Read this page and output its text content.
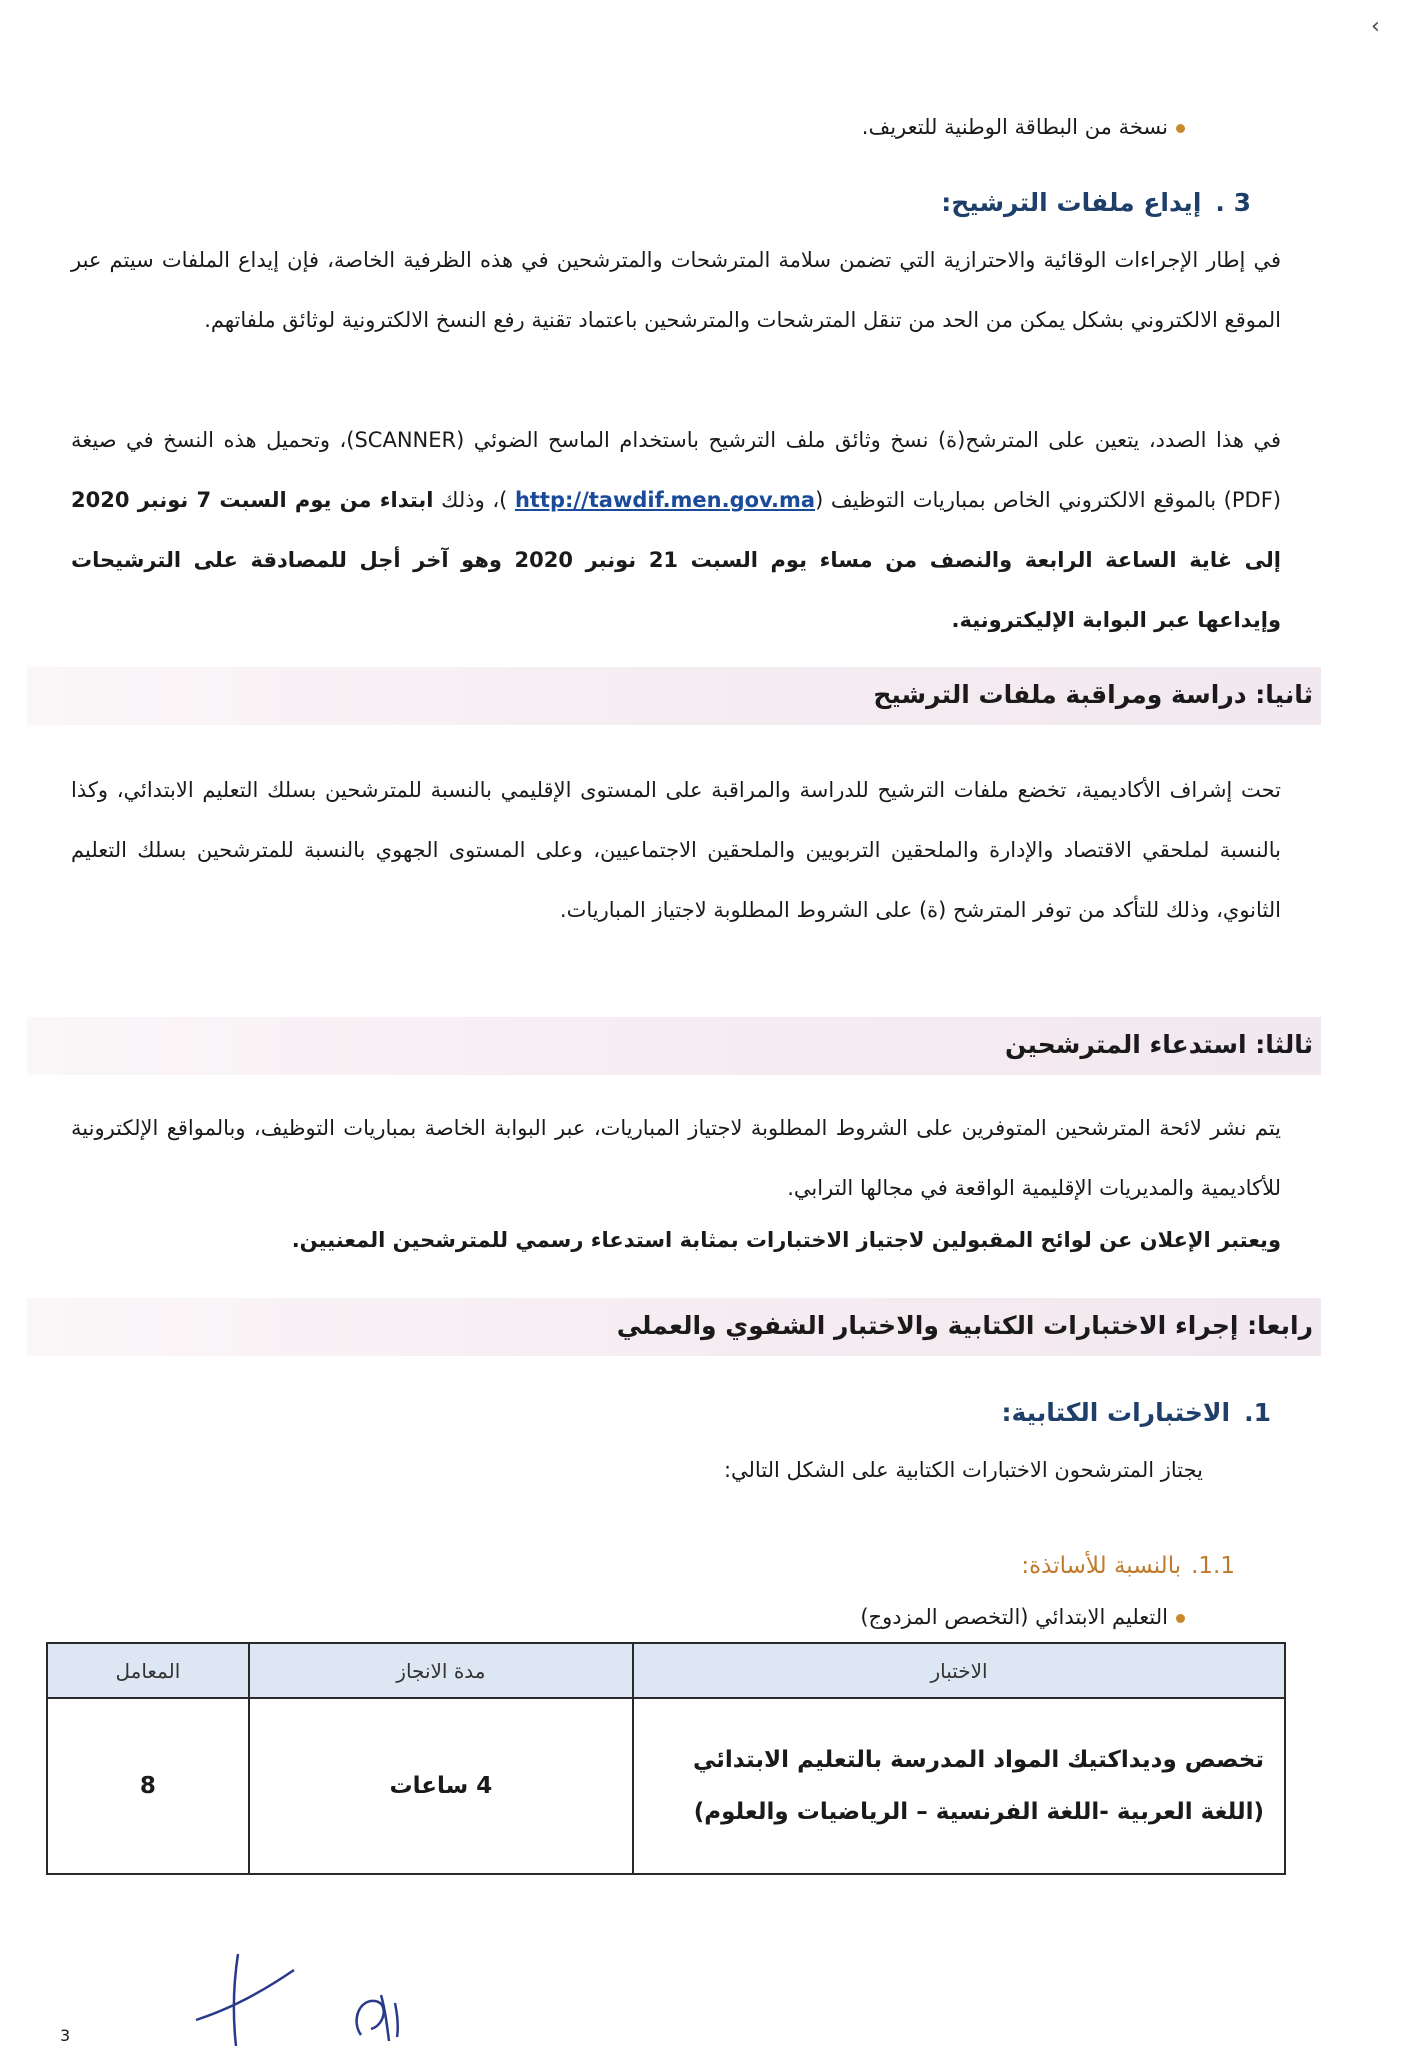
نسخة من البطاقة الوطنية للتعريف.
3 .إيداع ملفات الترشيح:
في إطار الإجراءات الوقائية والاحترازية التي تضمن سلامة المترشحات والمترشحين في هذه الظرفية الخاصة، فإن إيداع الملفات سيتم عبر الموقع الالكتروني بشكل يمكن من الحد من تنقل المترشحات والمترشحين باعتماد تقنية رفع النسخ الالكترونية لوثائق ملفاتهم.
في هذا الصدد، يتعين على المترشح(ة) نسخ وثائق ملف الترشيح باستخدام الماسح الضوئي (SCANNER)، وتحميل هذه النسخ في صيغة (PDF) بالموقع الالكتروني الخاص بمباريات التوظيف (http://tawdif.men.gov.ma )، وذلك ابتداء من يوم السبت 7 نونبر 2020 إلى غاية الساعة الرابعة والنصف من مساء يوم السبت 21 نونبر 2020 وهو آخر أجل للمصادقة على الترشيحات وإيداعها عبر البوابة الإليكترونية.
ثانيا: دراسة ومراقبة ملفات الترشيح
تحت إشراف الأكاديمية، تخضع ملفات الترشيح للدراسة والمراقبة على المستوى الإقليمي بالنسبة للمترشحين بسلك التعليم الابتدائي، وكذا بالنسبة لملحقي الاقتصاد والإدارة والملحقين التربويين والملحقين الاجتماعيين، وعلى المستوى الجهوي بالنسبة للمترشحين بسلك التعليم الثانوي، وذلك للتأكد من توفر المترشح (ة) على الشروط المطلوبة لاجتياز المباريات.
ثالثا: استدعاء المترشحين
يتم نشر لائحة المترشحين المتوفرين على الشروط المطلوبة لاجتياز المباريات، عبر البوابة الخاصة بمباريات التوظيف، وبالمواقع الإلكترونية للأكاديمية والمديريات الإقليمية الواقعة في مجالها الترابي.
ويعتبر الإعلان عن لوائح المقبولين لاجتياز الاختبارات بمثابة استدعاء رسمي للمترشحين المعنيين.
رابعا: إجراء الاختبارات الكتابية والاختبار الشفوي والعملي
1.الاختبارات الكتابية:
يجتاز المترشحون الاختبارات الكتابية على الشكل التالي:
1.1.بالنسبة للأساتذة:
التعليم الابتدائي (التخصص المزدوج)
الاختبار	مدة الانجاز	المعامل
تخصص وديداكتيك المواد المدرسة بالتعليم الابتدائي (اللغة العربية -اللغة الفرنسية – الرياضيات والعلوم)	4 ساعات	8
›
3
